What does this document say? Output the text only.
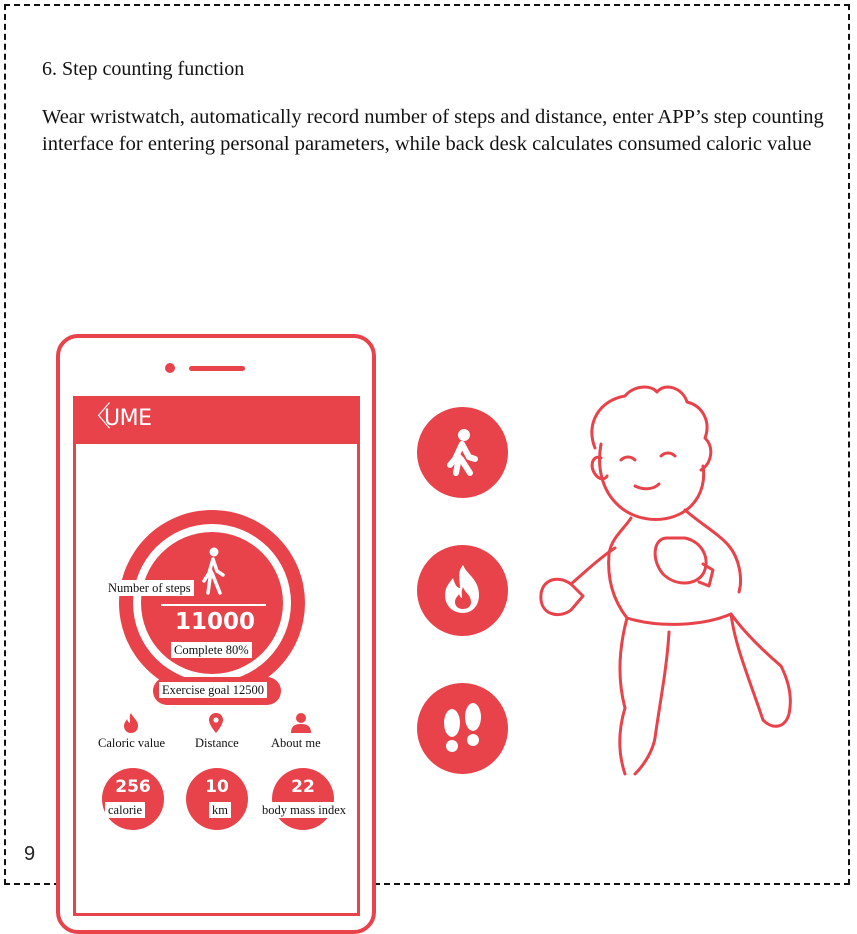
6. Step counting function
Wear wristwatch, automatically record number of steps and distance, enter APP’s step counting interface for entering personal parameters, while back desk calculates consumed caloric value
〈
UME
Number of steps
11000
Complete 80%
Exercise goal 12500
Caloric value Distance	About me
256	10	22
calorie	km	body mass index
9
